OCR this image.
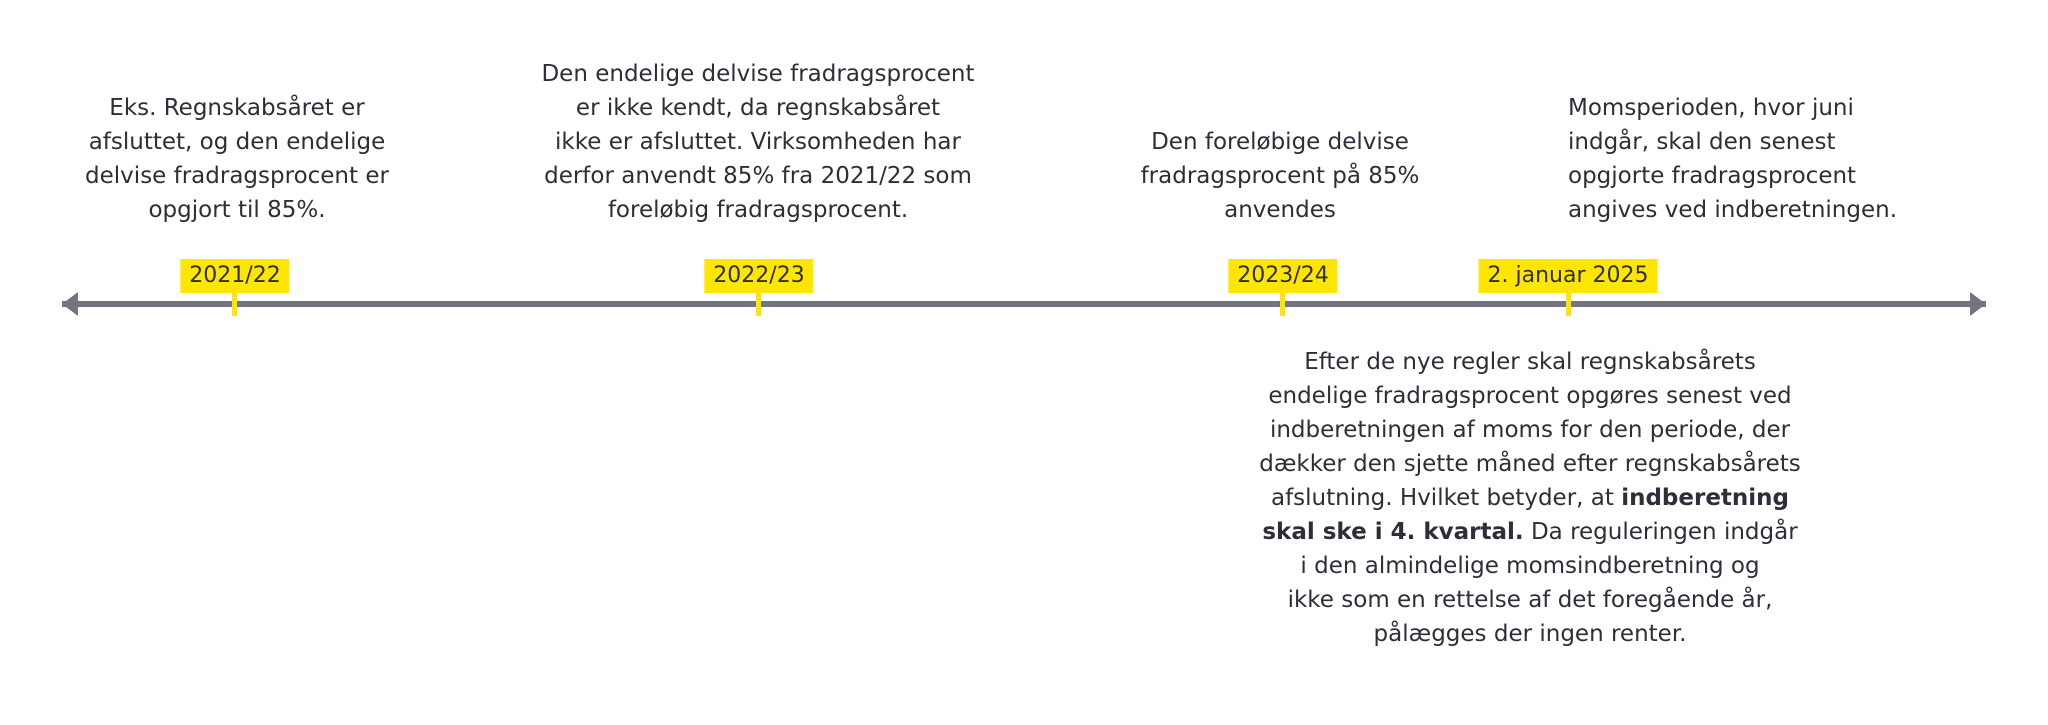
Eks. Regnskabsåret er
afsluttet, og den endelige
delvise fradragsprocent er
opgjort til 85%.
Den endelige delvise fradragsprocent
er ikke kendt, da regnskabsåret
ikke er afsluttet. Virksomheden har
derfor anvendt 85% fra 2021/22 som
foreløbig fradragsprocent.
Den foreløbige delvise
fradragsprocent på 85%
anvendes
Momsperioden, hvor juni
indgår, skal den senest
opgjorte fradragsprocent
angives ved indberetningen.
2021/22	2022/23	2023/24	2. januar 2025
Efter de nye regler skal regnskabsårets
endelige fradragsprocent opgøres senest ved
indberetningen af moms for den periode, der
dækker den sjette måned efter regnskabsårets
afslutning. Hvilket betyder, at indberetning
skal ske i 4. kvartal. Da reguleringen indgår
i den almindelige momsindberetning og
ikke som en rettelse af det foregående år,
pålægges der ingen renter.
